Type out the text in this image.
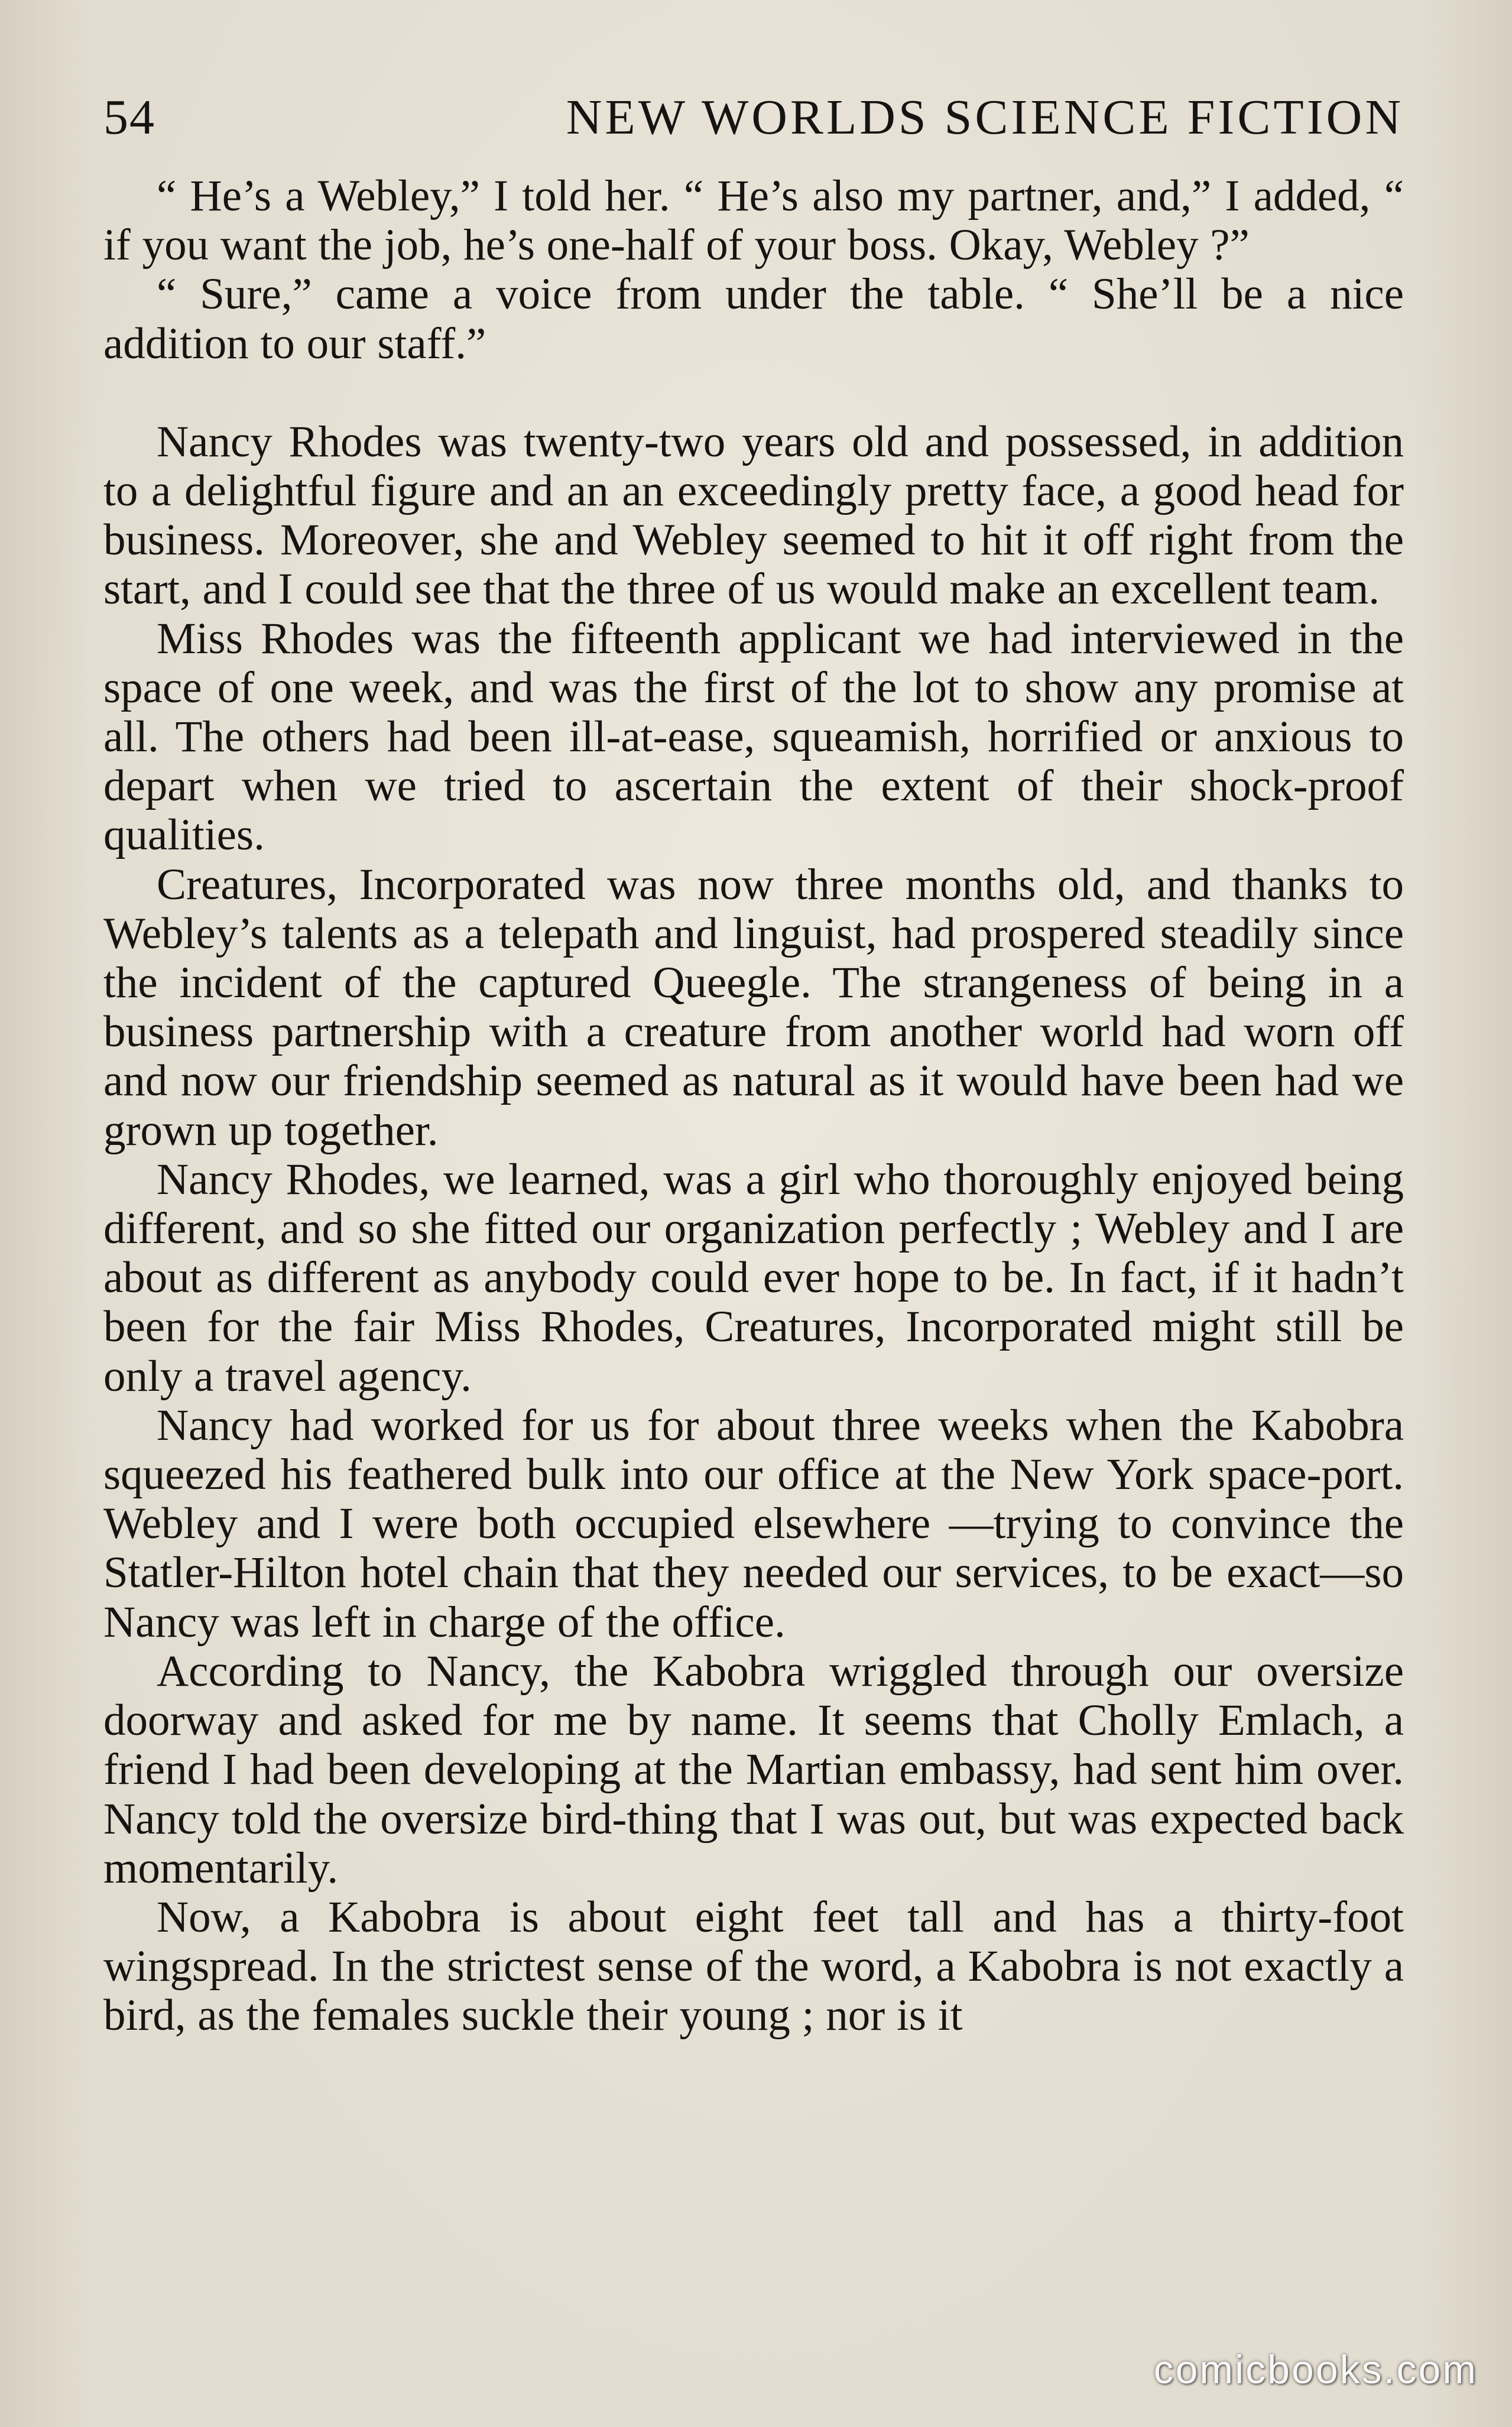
54	NEW WORLDS SCIENCE FICTION

“ He’s a Webley,” I told her. “ He’s also my partner, and,” I added, “ if you want the job, he’s one-half of your boss. Okay, Webley ?”

“ Sure,” came a voice from under the table. “ She’ll be a nice addition to our staff.”

Nancy Rhodes was twenty-two years old and possessed, in addition to a delightful figure and an an exceedingly pretty face, a good head for business. Moreover, she and Webley seemed to hit it off right from the start, and I could see that the three of us would make an excellent team.

Miss Rhodes was the fifteenth applicant we had interviewed in the space of one week, and was the first of the lot to show any promise at all. The others had been ill-at-ease, squeamish, horrified or anxious to depart when we tried to ascertain the extent of their shock-proof qualities.

Creatures, Incorporated was now three months old, and thanks to Webley’s talents as a telepath and linguist, had prospered steadily since the incident of the captured Queegle. The strangeness of being in a business partnership with a creature from another world had worn off and now our friendship seemed as natural as it would have been had we grown up together.

Nancy Rhodes, we learned, was a girl who thoroughly enjoyed being different, and so she fitted our organization perfectly ; Webley and I are about as different as anybody could ever hope to be. In fact, if it hadn’t been for the fair Miss Rhodes, Creatures, Incorporated might still be only a travel agency.

Nancy had worked for us for about three weeks when the Kabobra squeezed his feathered bulk into our office at the New York space-port. Webley and I were both occupied elsewhere —trying to convince the Statler-Hilton hotel chain that they needed our services, to be exact—so Nancy was left in charge of the office.

According to Nancy, the Kabobra wriggled through our oversize doorway and asked for me by name. It seems that Cholly Emlach, a friend I had been developing at the Martian embassy, had sent him over. Nancy told the oversize bird-thing that I was out, but was expected back momentarily.

Now, a Kabobra is about eight feet tall and has a thirty-foot wingspread. In the strictest sense of the word, a Kabobra is not exactly a bird, as the females suckle their young ; nor is it

comicbooks.com
